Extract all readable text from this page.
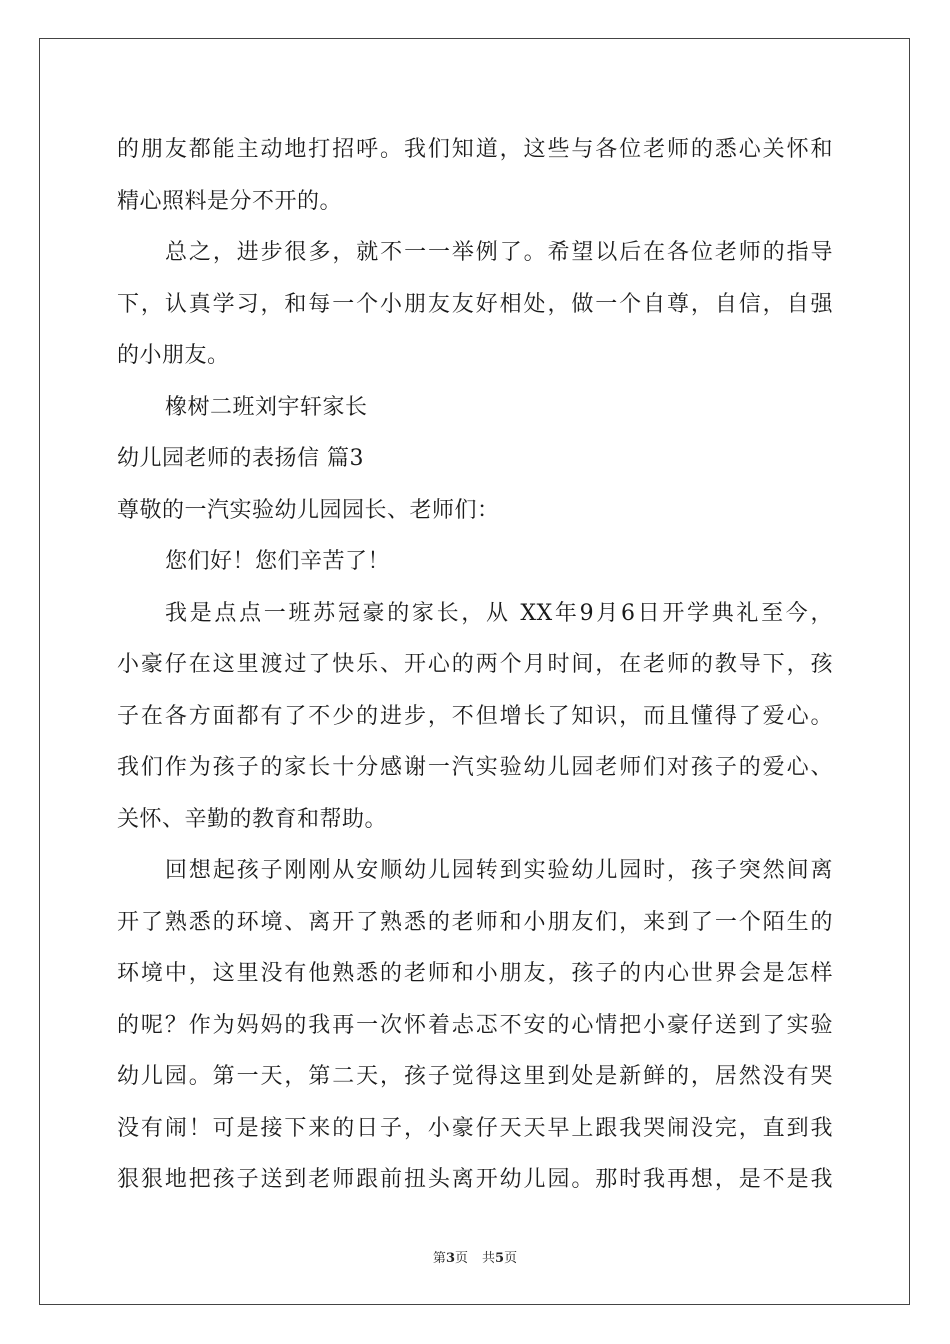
的朋友都能主动地打招呼。我们知道，这些与各位老师的悉心关怀和
精心照料是分不开的。
总之，进步很多，就不一一举例了。希望以后在各位老师的指导
下，认真学习，和每一个小朋友友好相处，做一个自尊，自信，自强
的小朋友。
橡树二班刘宇轩家长
幼儿园老师的表扬信 篇3
尊敬的一汽实验幼儿园园长、老师们：
您们好！您们辛苦了！
我是点点一班苏冠豪的家长，从 XX年9月6日开学典礼至今，
小豪仔在这里渡过了快乐、开心的两个月时间，在老师的教导下，孩
子在各方面都有了不少的进步，不但增长了知识，而且懂得了爱心。
我们作为孩子的家长十分感谢一汽实验幼儿园老师们对孩子的爱心、
关怀、辛勤的教育和帮助。
回想起孩子刚刚从安顺幼儿园转到实验幼儿园时，孩子突然间离
开了熟悉的环境、离开了熟悉的老师和小朋友们，来到了一个陌生的
环境中，这里没有他熟悉的老师和小朋友，孩子的内心世界会是怎样
的呢？作为妈妈的我再一次怀着忐忑不安的心情把小豪仔送到了实验
幼儿园。第一天，第二天，孩子觉得这里到处是新鲜的，居然没有哭
没有闹！可是接下来的日子，小豪仔天天早上跟我哭闹没完，直到我
狠狠地把孩子送到老师跟前扭头离开幼儿园。那时我再想，是不是我
第3页 共5页
